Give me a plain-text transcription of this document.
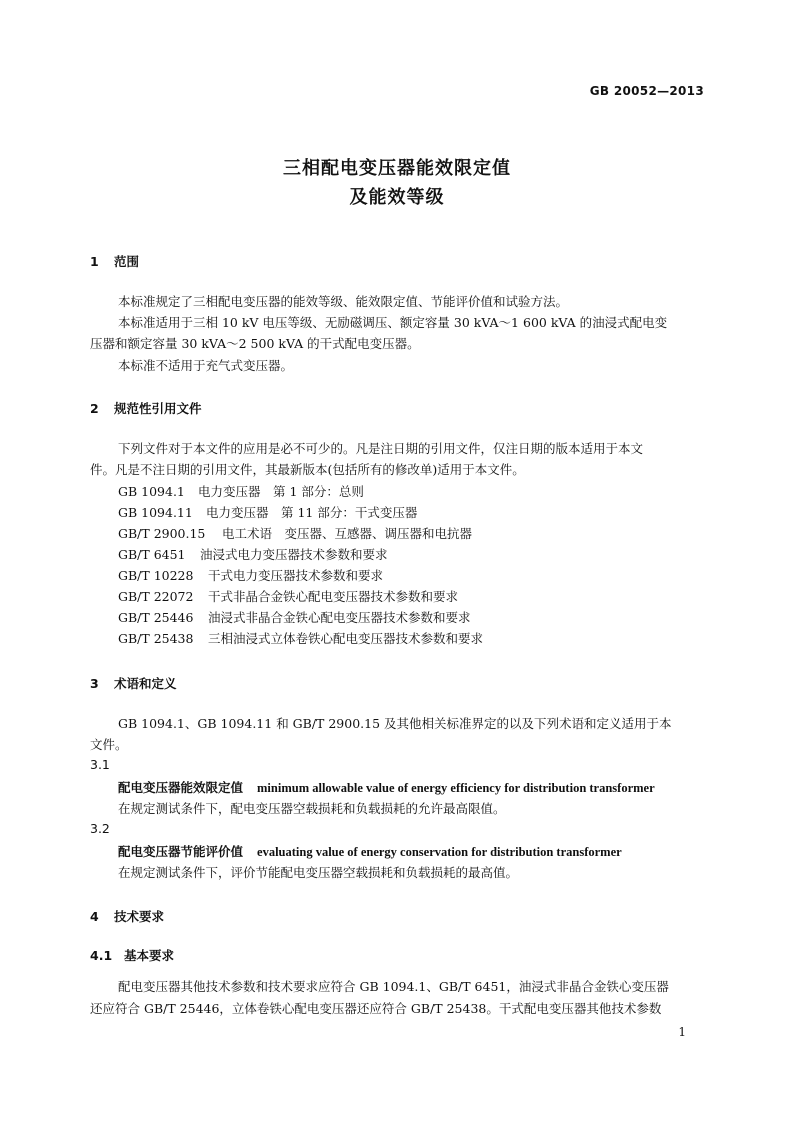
GB 20052—2013
三相配电变压器能效限定值
及能效等级
1 范围
本标准规定了三相配电变压器的能效等级、能效限定值、节能评价值和试验方法。
本标准适用于三相 10 kV 电压等级、无励磁调压、额定容量 30 kVA～1 600 kVA 的油浸式配电变
压器和额定容量 30 kVA～2 500 kVA 的干式配电变压器。
本标准不适用于充气式变压器。
2 规范性引用文件
下列文件对于本文件的应用是必不可少的。凡是注日期的引用文件，仅注日期的版本适用于本文
件。凡是不注日期的引用文件，其最新版本(包括所有的修改单)适用于本文件。
GB 1094.1 电力变压器　第 1 部分：总则
GB 1094.11 电力变压器　第 11 部分：干式变压器
GB/T 2900.15 电工术语　变压器、互感器、调压器和电抗器
GB/T 6451 油浸式电力变压器技术参数和要求
GB/T 10228 干式电力变压器技术参数和要求
GB/T 22072 干式非晶合金铁心配电变压器技术参数和要求
GB/T 25446 油浸式非晶合金铁心配电变压器技术参数和要求
GB/T 25438 三相油浸式立体卷铁心配电变压器技术参数和要求
3 术语和定义
GB 1094.1、GB 1094.11 和 GB/T 2900.15 及其他相关标准界定的以及下列术语和定义适用于本
文件。
3.1
配电变压器能效限定值 minimum allowable value of energy efficiency for distribution transformer
在规定测试条件下，配电变压器空载损耗和负载损耗的允许最高限值。
3.2
配电变压器节能评价值 evaluating value of energy conservation for distribution transformer
在规定测试条件下，评价节能配电变压器空载损耗和负载损耗的最高值。
4 技术要求
4.1 基本要求
配电变压器其他技术参数和技术要求应符合 GB 1094.1、GB/T 6451，油浸式非晶合金铁心变压器
还应符合 GB/T 25446，立体卷铁心配电变压器还应符合 GB/T 25438。干式配电变压器其他技术参数
1
